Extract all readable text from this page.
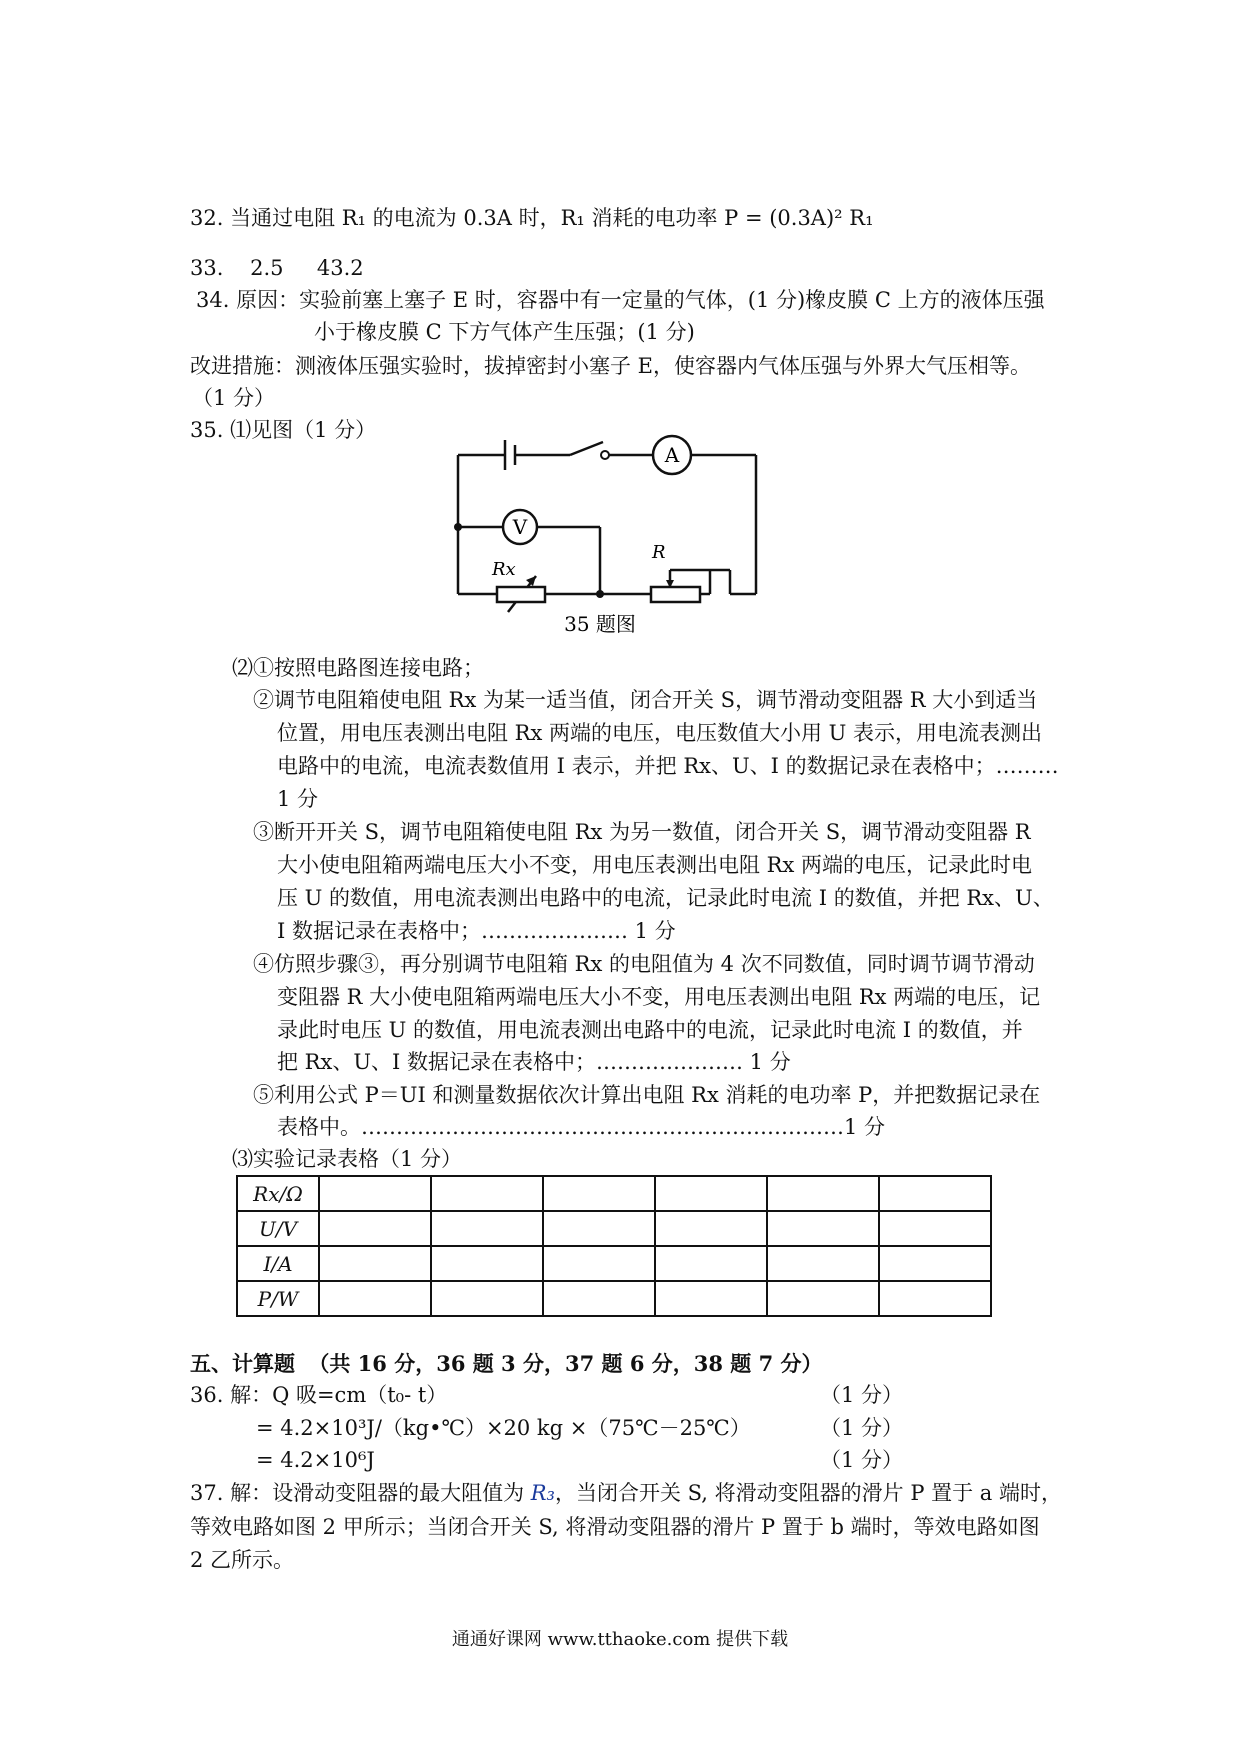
32. 当通过电阻 R₁ 的电流为 0.3A 时，R₁ 消耗的电功率 P = (0.3A)² R₁
33. 2.5 43.2
34. 原因：实验前塞上塞子 E 时，容器中有一定量的气体，(1 分)橡皮膜 C 上方的液体压强
小于橡皮膜 C 下方气体产生压强；(1 分)
改进措施：测液体压强实验时，拔掉密封小塞子 E，使容器内气体压强与外界大气压相等。
（1 分）
35. ⑴见图（1 分）
A
V
Rx
R
35 题图
⑵①按照电路图连接电路；
②调节电阻箱使电阻 Rx 为某一适当值，闭合开关 S，调节滑动变阻器 R 大小到适当
位置，用电压表测出电阻 Rx 两端的电压，电压数值大小用 U 表示，用电流表测出
电路中的电流，电流表数值用 I 表示，并把 Rx、U、I 的数据记录在表格中；………
1 分
③断开开关 S，调节电阻箱使电阻 Rx 为另一数值，闭合开关 S，调节滑动变阻器 R
大小使电阻箱两端电压大小不变，用电压表测出电阻 Rx 两端的电压，记录此时电
压 U 的数值，用电流表测出电路中的电流，记录此时电流 I 的数值，并把 Rx、U、
I 数据记录在表格中；………………… 1 分
④仿照步骤③，再分别调节电阻箱 Rx 的电阻值为 4 次不同数值，同时调节调节滑动
变阻器 R 大小使电阻箱两端电压大小不变，用电压表测出电阻 Rx 两端的电压，记
录此时电压 U 的数值，用电流表测出电路中的电流，记录此时电流 I 的数值，并
把 Rx、U、I 数据记录在表格中；………………… 1 分
⑤利用公式 P＝UI 和测量数据依次计算出电阻 Rx 消耗的电功率 P，并把数据记录在
表格中。……………………………………………………………1 分
⑶实验记录表格（1 分）
Rx/Ω						
U/V						
I/A						
P/W						
五、计算题 （共 16 分，36 题 3 分，37 题 6 分，38 题 7 分）
36. 解：Q 吸=cm（t₀- t）	（1 分）
= 4.2×10³J/（kg•℃）×20 kg ×（75℃－25℃）	（1 分）
= 4.2×10⁶J	（1 分）
37. 解：设滑动变阻器的最大阻值为 R₃，当闭合开关 S, 将滑动变阻器的滑片 P 置于 a 端时，
等效电路如图 2 甲所示；当闭合开关 S, 将滑动变阻器的滑片 P 置于 b 端时，等效电路如图
2 乙所示。
通通好课网 www.tthaoke.com 提供下载
